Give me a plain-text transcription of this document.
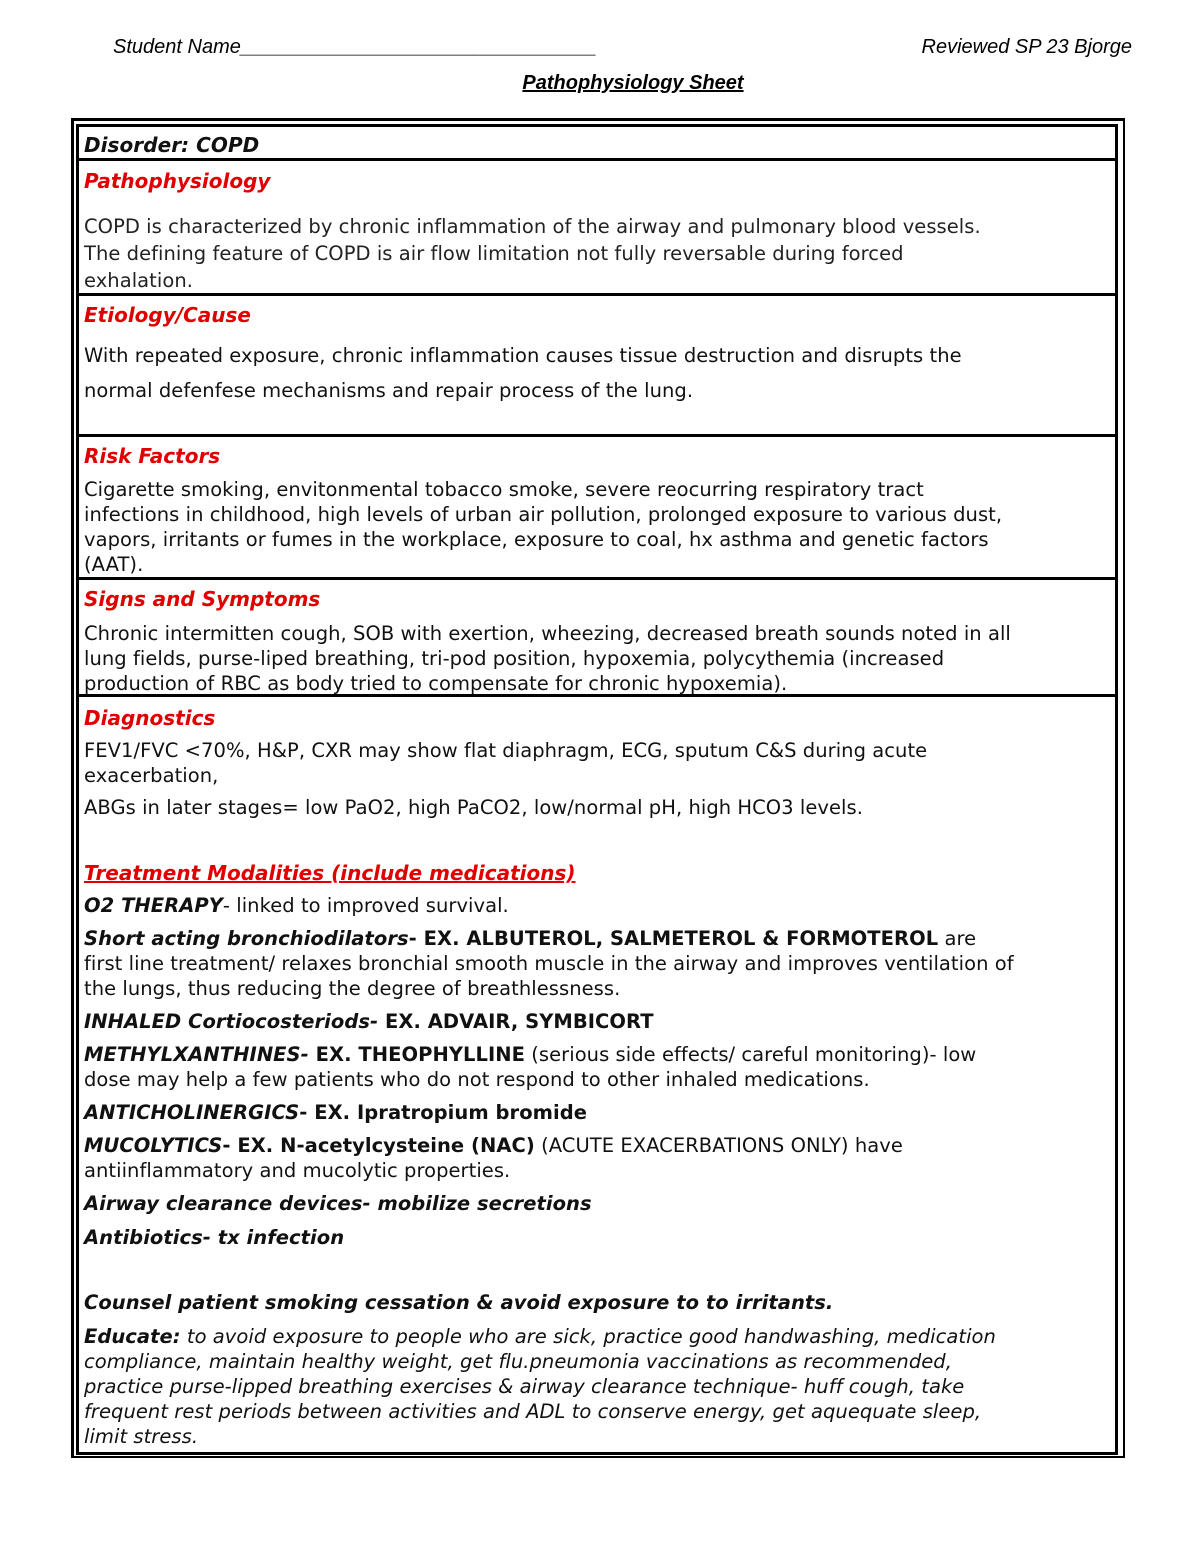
Student Name________________________________	Reviewed SP 23 Bjorge
Pathophysiology Sheet
Disorder: COPD
Pathophysiology

COPD is characterized by chronic inflammation of the airway and pulmonary blood vessels.

The defining feature of COPD is air flow limitation not fully reversable during forced

exhalation.

Etiology/Cause

With repeated exposure, chronic inflammation causes tissue destruction and disrupts the

normal defenfese mechanisms and repair process of the lung.

Risk Factors

Cigarette smoking, envitonmental tobacco smoke, severe reocurring respiratory tract

infections in childhood, high levels of urban air pollution, prolonged exposure to various dust,

vapors, irritants or fumes in the workplace, exposure to coal, hx asthma and genetic factors

(AAT).

Signs and Symptoms

Chronic intermitten cough, SOB with exertion, wheezing, decreased breath sounds noted in all

lung fields, purse-liped breathing, tri-pod position, hypoxemia, polycythemia (increased

production of RBC as body tried to compensate for chronic hypoxemia).

Diagnostics

FEV1/FVC <70%, H&P, CXR may show flat diaphragm, ECG, sputum C&S during acute

exacerbation,

ABGs in later stages= low PaO2, high PaCO2, low/normal pH, high HCO3 levels.

Treatment Modalities (include medications)

O2 THERAPY- linked to improved survival.

Short acting bronchiodilators- EX. ALBUTEROL, SALMETEROL & FORMOTEROL are

first line treatment/ relaxes bronchial smooth muscle in the airway and improves ventilation of

the lungs, thus reducing the degree of breathlessness.

INHALED Cortiocosteriods- EX. ADVAIR, SYMBICORT

METHYLXANTHINES- EX. THEOPHYLLINE (serious side effects/ careful monitoring)- low

dose may help a few patients who do not respond to other inhaled medications.

ANTICHOLINERGICS- EX. Ipratropium bromide

MUCOLYTICS- EX. N-acetylcysteine (NAC) (ACUTE EXACERBATIONS ONLY) have

antiinflammatory and mucolytic properties.

Airway clearance devices- mobilize secretions

Antibiotics- tx infection

Counsel patient smoking cessation & avoid exposure to to irritants.

Educate: to avoid exposure to people who are sick, practice good handwashing, medication

compliance, maintain healthy weight, get flu.pneumonia vaccinations as recommended,

practice purse-lipped breathing exercises & airway clearance technique- huff cough, take

frequent rest periods between activities and ADL to conserve energy, get aquequate sleep,

limit stress.
